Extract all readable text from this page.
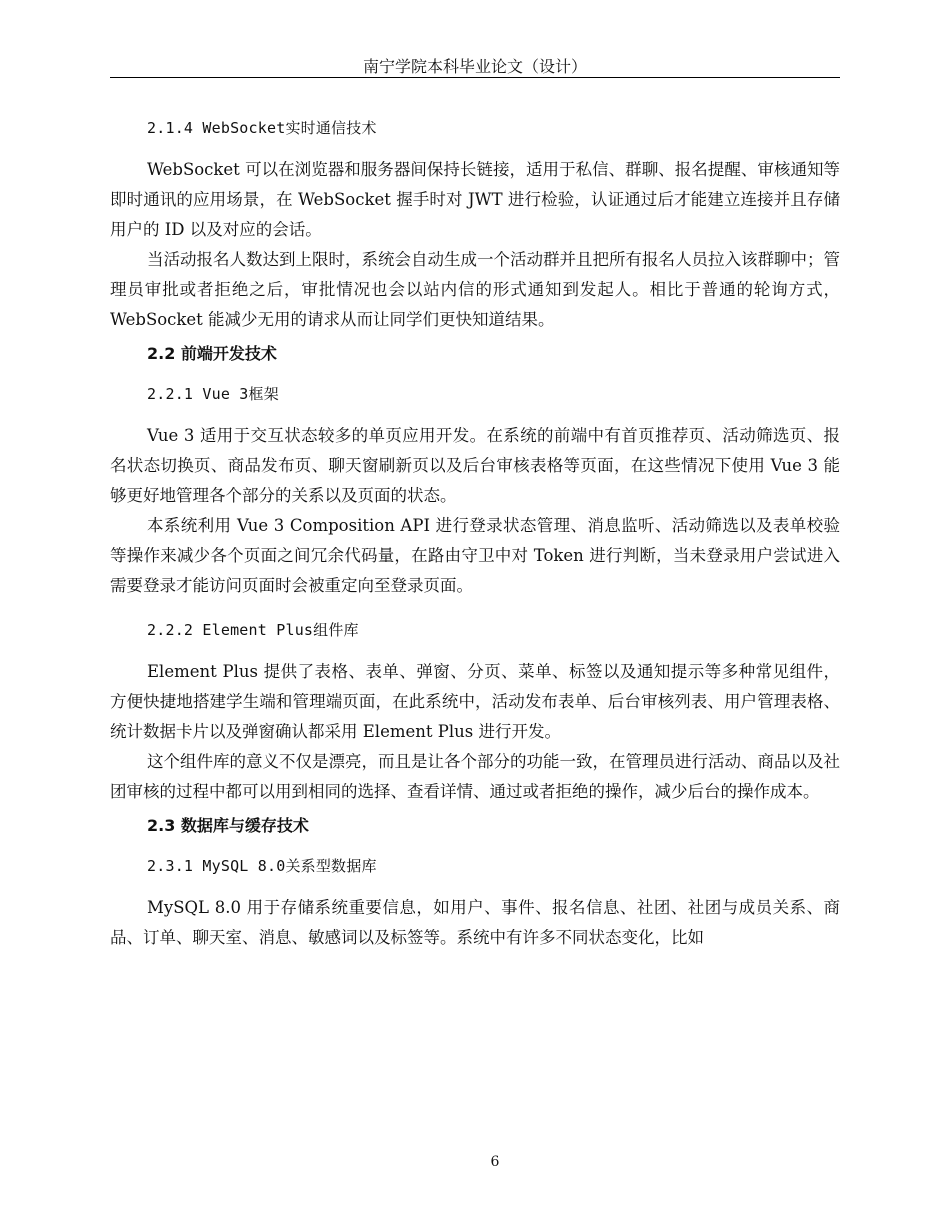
南宁学院本科毕业论文（设计）
2.1.4 WebSocket实时通信技术

WebSocket 可以在浏览器和服务器间保持长链接，适用于私信、群聊、报名提醒、审核通知等即时通讯的应用场景，在 WebSocket 握手时对 JWT 进行检验，认证通过后才能建立连接并且存储用户的 ID 以及对应的会话。

当活动报名人数达到上限时，系统会自动生成一个活动群并且把所有报名人员拉入该群聊中；管理员审批或者拒绝之后，审批情况也会以站内信的形式通知到发起人。相比于普通的轮询方式，WebSocket 能减少无用的请求从而让同学们更快知道结果。

2.2 前端开发技术
2.2.1 Vue 3框架

Vue 3 适用于交互状态较多的单页应用开发。在系统的前端中有首页推荐页、活动筛选页、报名状态切换页、商品发布页、聊天窗刷新页以及后台审核表格等页面，在这些情况下使用 Vue 3 能够更好地管理各个部分的关系以及页面的状态。

本系统利用 Vue 3 Composition API 进行登录状态管理、消息监听、活动筛选以及表单校验等操作来减少各个页面之间冗余代码量，在路由守卫中对 Token 进行判断，当未登录用户尝试进入需要登录才能访问页面时会被重定向至登录页面。

2.2.2 Element Plus组件库

Element Plus 提供了表格、表单、弹窗、分页、菜单、标签以及通知提示等多种常见组件，方便快捷地搭建学生端和管理端页面，在此系统中，活动发布表单、后台审核列表、用户管理表格、统计数据卡片以及弹窗确认都采用 Element Plus 进行开发。

这个组件库的意义不仅是漂亮，而且是让各个部分的功能一致，在管理员进行活动、商品以及社团审核的过程中都可以用到相同的选择、查看详情、通过或者拒绝的操作，减少后台的操作成本。

2.3 数据库与缓存技术
2.3.1 MySQL 8.0关系型数据库

MySQL 8.0 用于存储系统重要信息，如用户、事件、报名信息、社团、社团与成员关系、商品、订单、聊天室、消息、敏感词以及标签等。系统中有许多不同状态变化，比如

6
